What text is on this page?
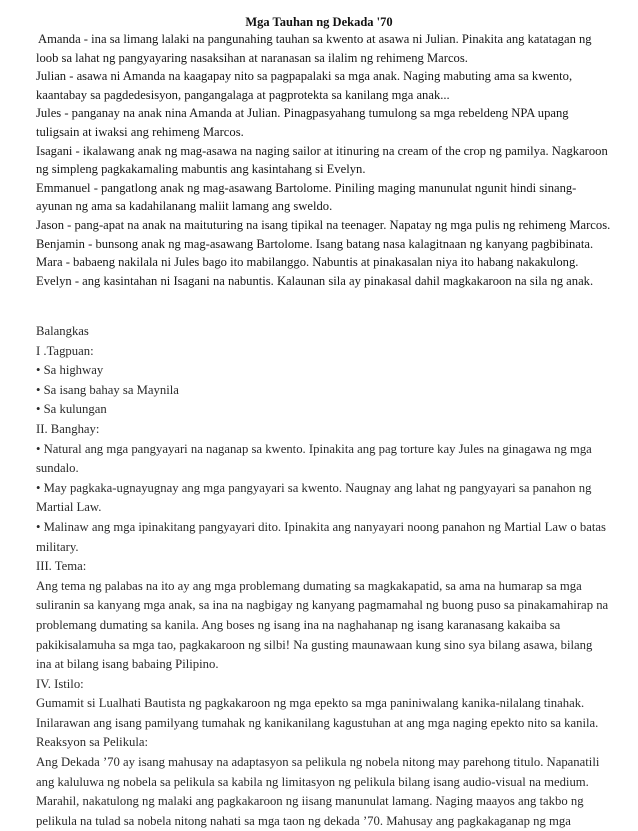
Mga Tauhan ng Dekada '70

Amanda - ina sa limang lalaki na pangunahing tauhan sa kwento at asawa ni Julian. Pinakita ang katatagan ng loob sa lahat ng pangyayaring nasaksihan at naranasan sa ilalim ng rehimeng Marcos.

Julian - asawa ni Amanda na kaagapay nito sa pagpapalaki sa mga anak. Naging mabuting ama sa kwento, kaantabay sa pagdedesisyon, pangangalaga at pagprotekta sa kanilang mga anak...

Jules - panganay na anak nina Amanda at Julian. Pinagpasyahang tumulong sa mga rebeldeng NPA upang tuligsain at iwaksi ang rehimeng Marcos.

Isagani - ikalawang anak ng mag-asawa na naging sailor at itinuring na cream of the crop ng pamilya. Nagkaroon ng simpleng pagkakamaling mabuntis ang kasintahang si Evelyn.

Emmanuel - pangatlong anak ng mag-asawang Bartolome. Piniling maging manunulat ngunit hindi sinang-ayunan ng ama sa kadahilanang maliit lamang ang sweldo.

Jason - pang-apat na anak na maituturing na isang tipikal na teenager. Napatay ng mga pulis ng rehimeng Marcos.

Benjamin - bunsong anak ng mag-asawang Bartolome. Isang batang nasa kalagitnaan ng kanyang pagbibinata.

Mara - babaeng nakilala ni Jules bago ito mabilanggo. Nabuntis at pinakasalan niya ito habang nakakulong.

Evelyn - ang kasintahan ni Isagani na nabuntis. Kalaunan sila ay pinakasal dahil magkakaroon na sila ng anak.

Balangkas

I .Tagpuan:

• Sa highway

• Sa isang bahay sa Maynila

• Sa kulungan

II. Banghay:

• Natural ang mga pangyayari na naganap sa kwento. Ipinakita ang pag torture kay Jules na ginagawa ng mga sundalo.

• May pagkaka-ugnayugnay ang mga pangyayari sa kwento. Naugnay ang lahat ng pangyayari sa panahon ng Martial Law.

• Malinaw ang mga ipinakitang pangyayari dito. Ipinakita ang nanyayari noong panahon ng Martial Law o batas military.

III. Tema:

Ang tema ng palabas na ito ay ang mga problemang dumating sa magkakapatid, sa ama na humarap sa mga suliranin sa kanyang mga anak, sa ina na nagbigay ng kanyang pagmamahal ng buong puso sa pinakamahirap na problemang dumating sa kanila. Ang boses ng isang ina na naghahanap ng isang karanasang kakaiba sa pakikisalamuha sa mga tao, pagkakaroon ng silbi! Na gusting maunawaan kung sino sya bilang asawa, bilang ina at bilang isang babaing Pilipino.

IV. Istilo:

Gumamit si Lualhati Bautista ng pagkakaroon ng mga epekto sa mga paniniwalang kanika-nilalang tinahak. Inilarawan ang isang pamilyang tumahak ng kanikanilang kagustuhan at ang mga naging epekto nito sa kanila.

Reaksyon sa Pelikula:

Ang Dekada ’70 ay isang mahusay na adaptasyon sa pelikula ng nobela nitong may parehong titulo. Napanatili ang kaluluwa ng nobela sa pelikula sa kabila ng limitasyon ng pelikula bilang isang audio-visual na medium. Marahil, nakatulong ng malaki ang pagkakaroon ng iisang manunulat lamang. Naging maayos ang takbo ng pelikula na tulad sa nobela nitong nahati sa mga taon ng dekada ’70. Mahusay ang pagkakaganap ng mga
